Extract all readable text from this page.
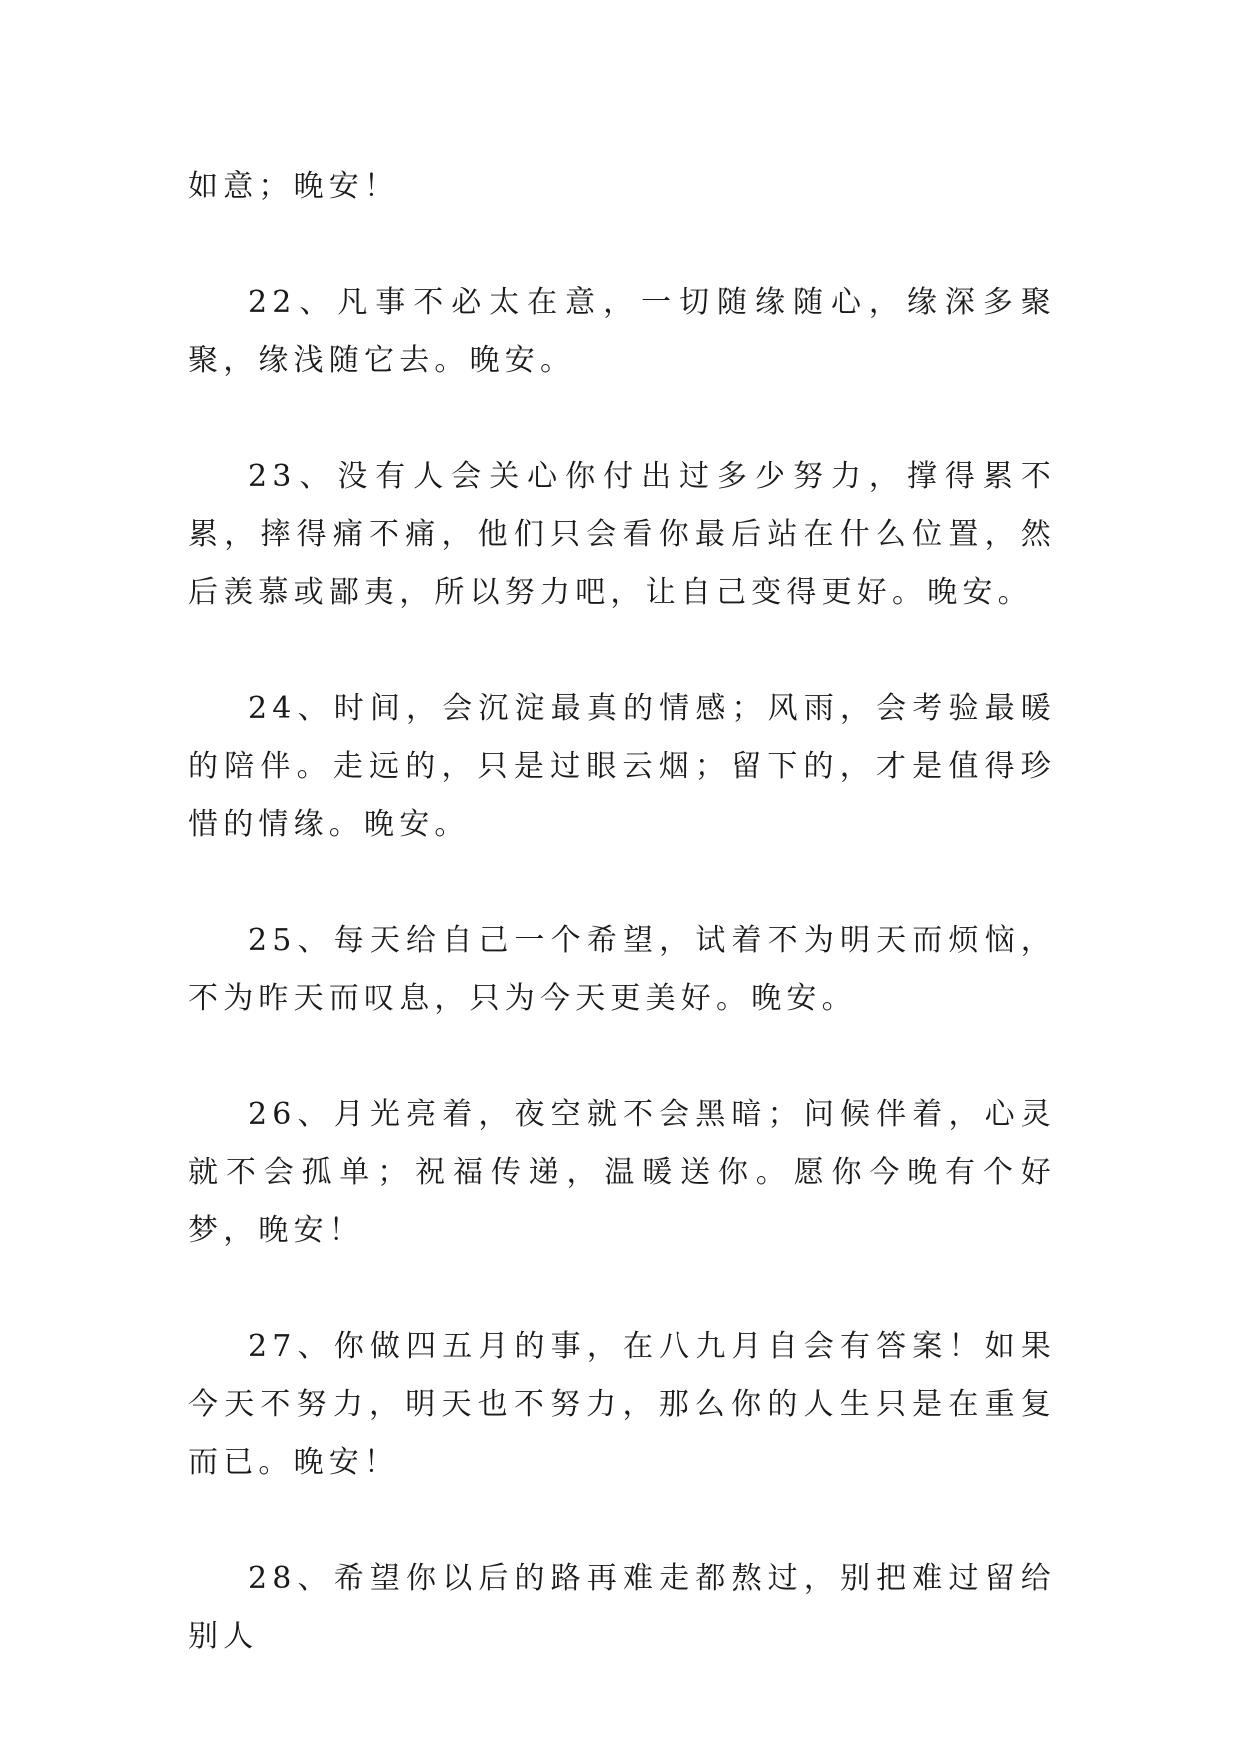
如意；晚安！

22、凡事不必太在意，一切随缘随心，缘深多聚聚，缘浅随它去。晚安。

23、没有人会关心你付出过多少努力，撑得累不累，摔得痛不痛，他们只会看你最后站在什么位置，然后羡慕或鄙夷，所以努力吧，让自己变得更好。晚安。

24、时间，会沉淀最真的情感；风雨，会考验最暖的陪伴。走远的，只是过眼云烟；留下的，才是值得珍惜的情缘。晚安。

25、每天给自己一个希望，试着不为明天而烦恼，不为昨天而叹息，只为今天更美好。晚安。

26、月光亮着，夜空就不会黑暗；问候伴着，心灵就不会孤单；祝福传递，温暖送你。愿你今晚有个好梦，晚安！

27、你做四五月的事，在八九月自会有答案！如果今天不努力，明天也不努力，那么你的人生只是在重复而已。晚安！

28、希望你以后的路再难走都熬过，别把难过留给别人
